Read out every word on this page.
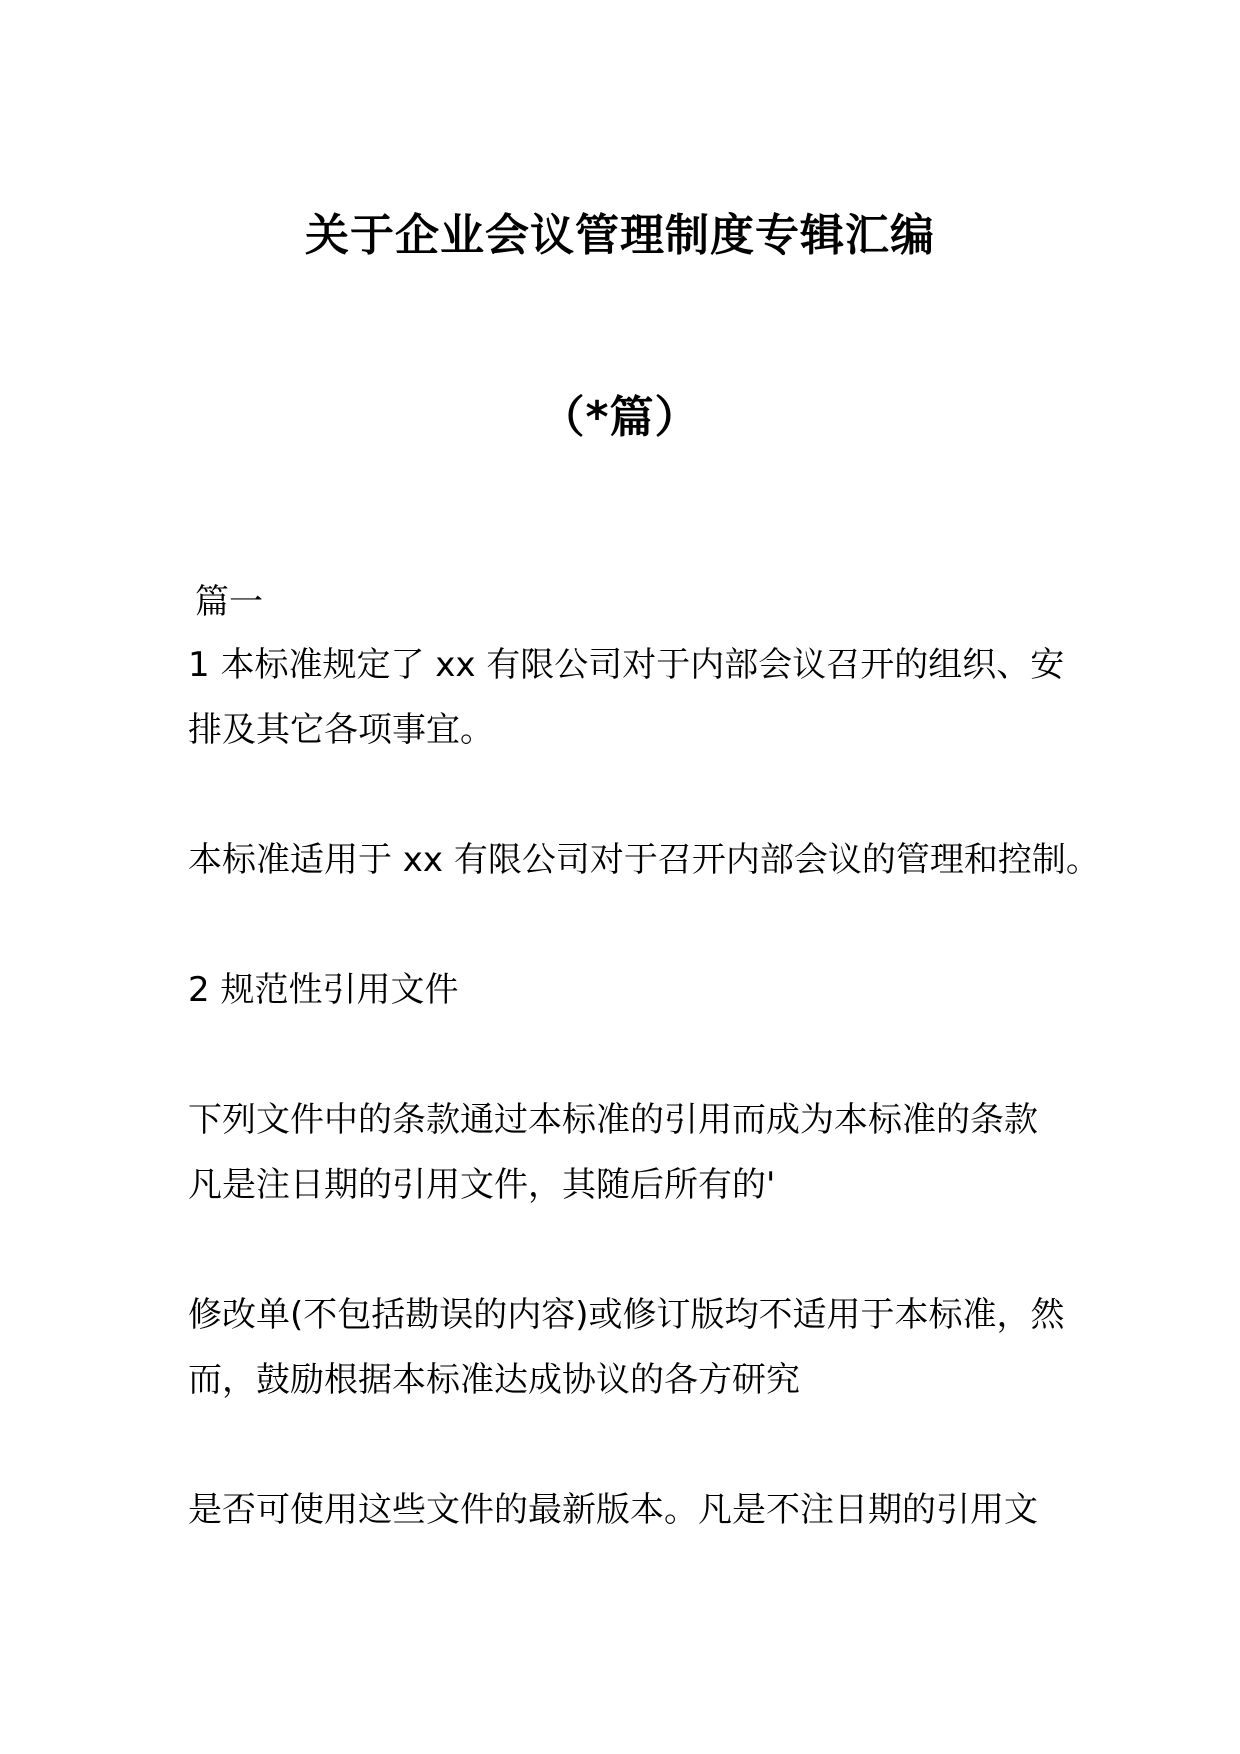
关于企业会议管理制度专辑汇编
（*篇）
篇一
1 本标准规定了 xx 有限公司对于内部会议召开的组织、安
排及其它各项事宜。
本标准适用于 xx 有限公司对于召开内部会议的管理和控制。
2 规范性引用文件
下列文件中的条款通过本标准的引用而成为本标准的条款
凡是注日期的引用文件，其随后所有的'
修改单(不包括勘误的内容)或修订版均不适用于本标准，然
而，鼓励根据本标准达成协议的各方研究
是否可使用这些文件的最新版本。凡是不注日期的引用文
